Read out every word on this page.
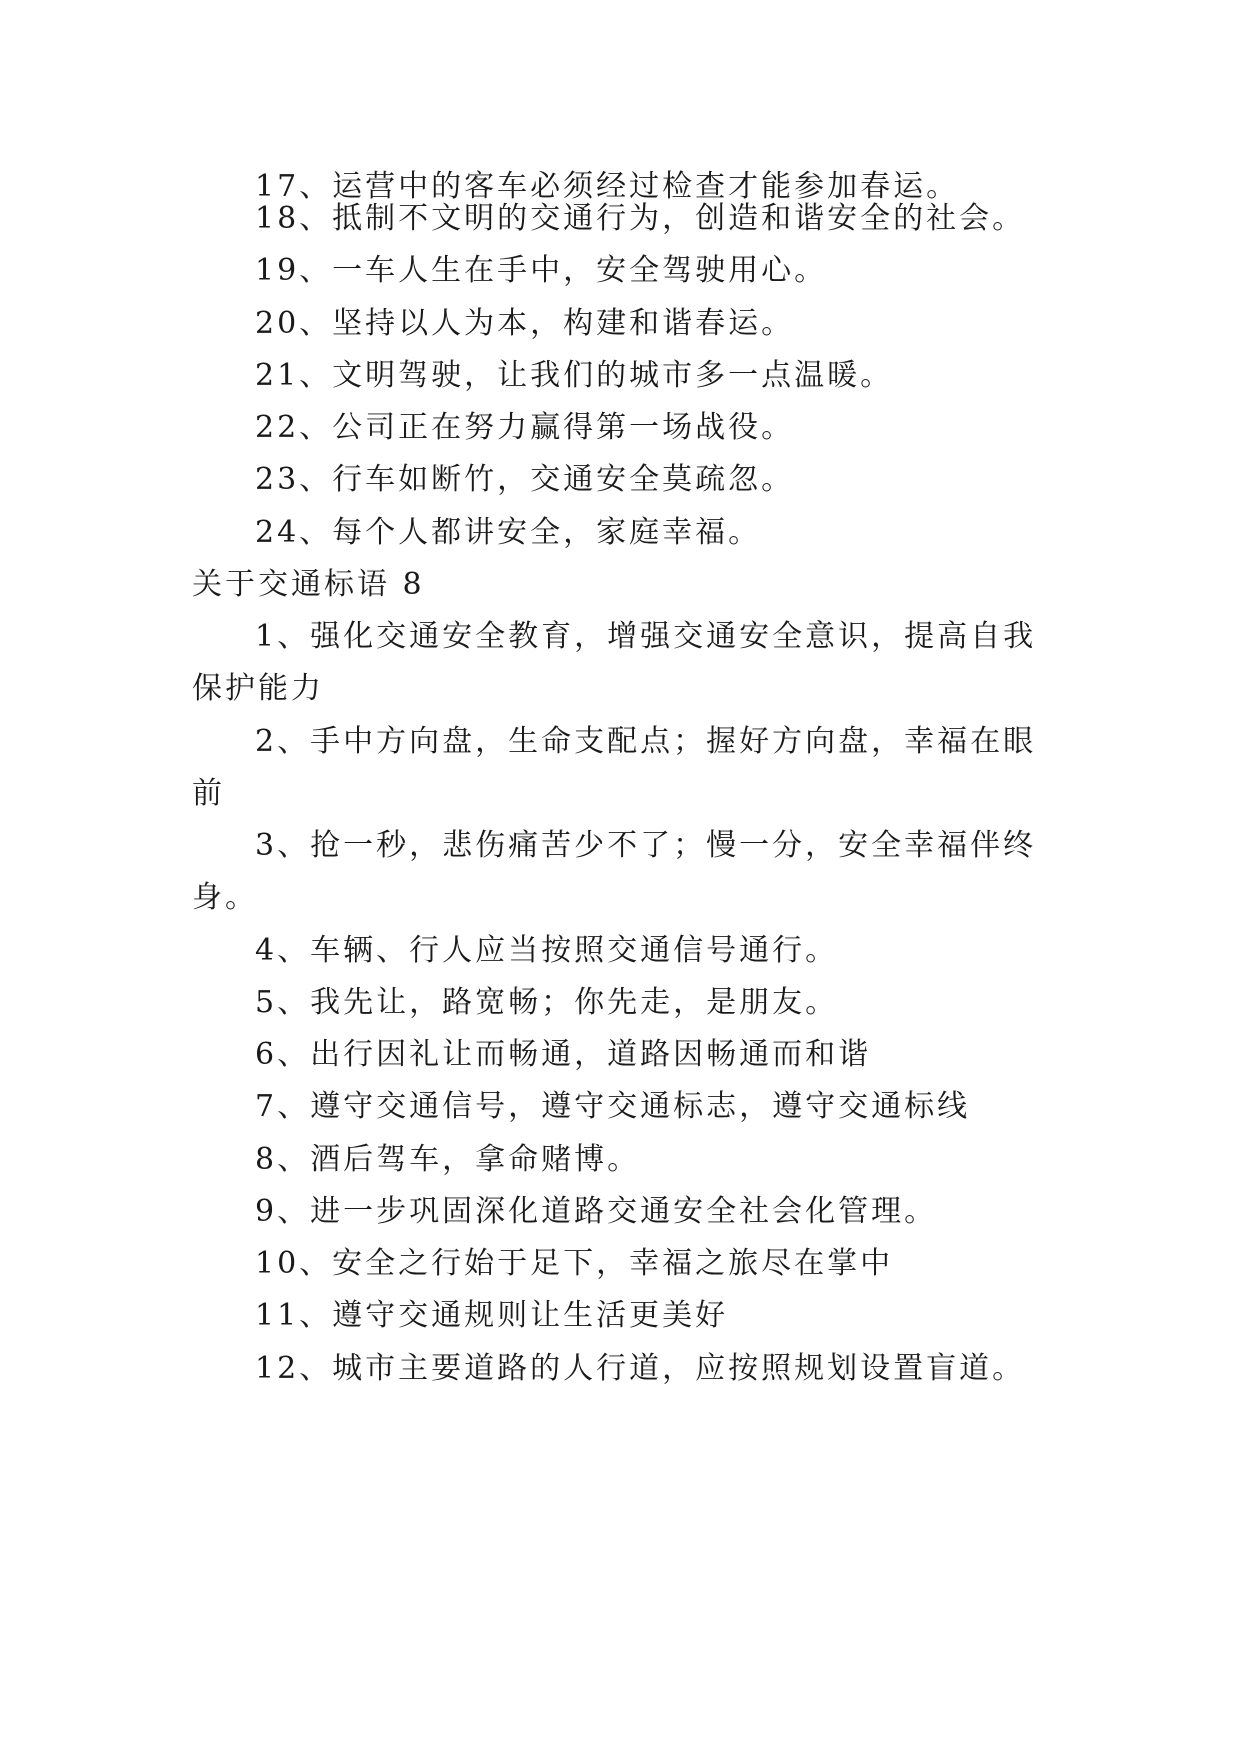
17、运营中的客车必须经过检查才能参加春运。

18、抵制不文明的交通行为，创造和谐安全的社会。

19、一车人生在手中，安全驾驶用心。

20、坚持以人为本，构建和谐春运。

21、文明驾驶，让我们的城市多一点温暖。

22、公司正在努力赢得第一场战役。

23、行车如断竹，交通安全莫疏忽。

24、每个人都讲安全，家庭幸福。

关于交通标语 8

1、强化交通安全教育，增强交通安全意识，提高自我

保护能力

2、手中方向盘，生命支配点；握好方向盘，幸福在眼

前

3、抢一秒，悲伤痛苦少不了；慢一分，安全幸福伴终

身。

4、车辆、行人应当按照交通信号通行。

5、我先让，路宽畅；你先走，是朋友。

6、出行因礼让而畅通，道路因畅通而和谐

7、遵守交通信号，遵守交通标志，遵守交通标线

8、酒后驾车，拿命赌博。

9、进一步巩固深化道路交通安全社会化管理。

10、安全之行始于足下，幸福之旅尽在掌中

11、遵守交通规则让生活更美好

12、城市主要道路的人行道，应按照规划设置盲道。
